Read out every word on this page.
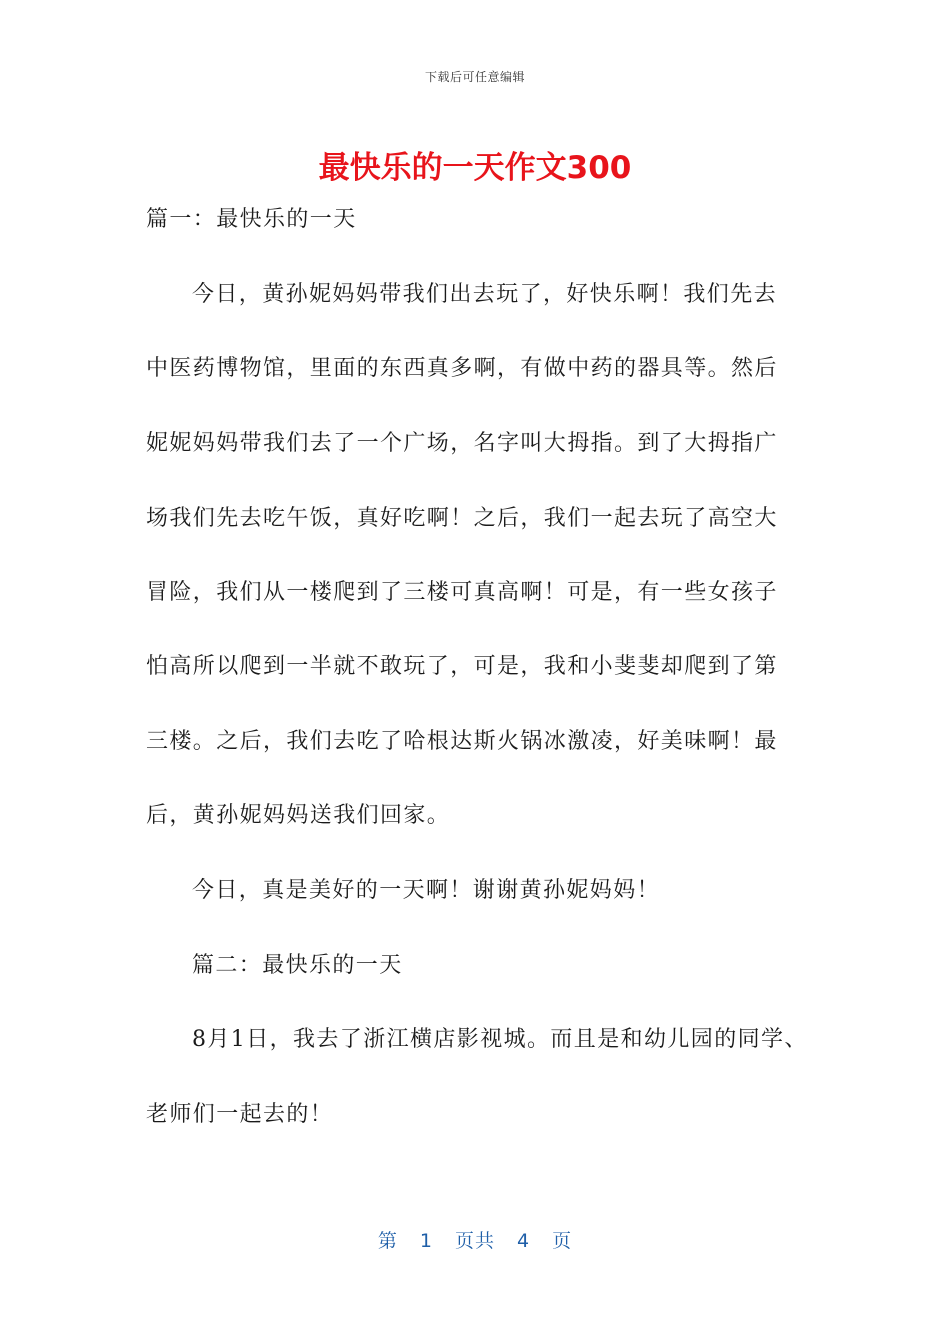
下载后可任意编辑
最快乐的一天作文300
篇一：最快乐的一天
今日，黄孙妮妈妈带我们出去玩了，好快乐啊！我们先去
中医药博物馆，里面的东西真多啊，有做中药的器具等。然后
妮妮妈妈带我们去了一个广场，名字叫大拇指。到了大拇指广
场我们先去吃午饭，真好吃啊！之后，我们一起去玩了高空大
冒险，我们从一楼爬到了三楼可真高啊！可是，有一些女孩子
怕高所以爬到一半就不敢玩了，可是，我和小斐斐却爬到了第
三楼。之后，我们去吃了哈根达斯火锅冰激凌，好美味啊！最
后，黄孙妮妈妈送我们回家。
今日，真是美好的一天啊！谢谢黄孙妮妈妈！
篇二：最快乐的一天
8月1日，我去了浙江横店影视城。而且是和幼儿园的同学、
老师们一起去的！
第 1 页共 4 页
